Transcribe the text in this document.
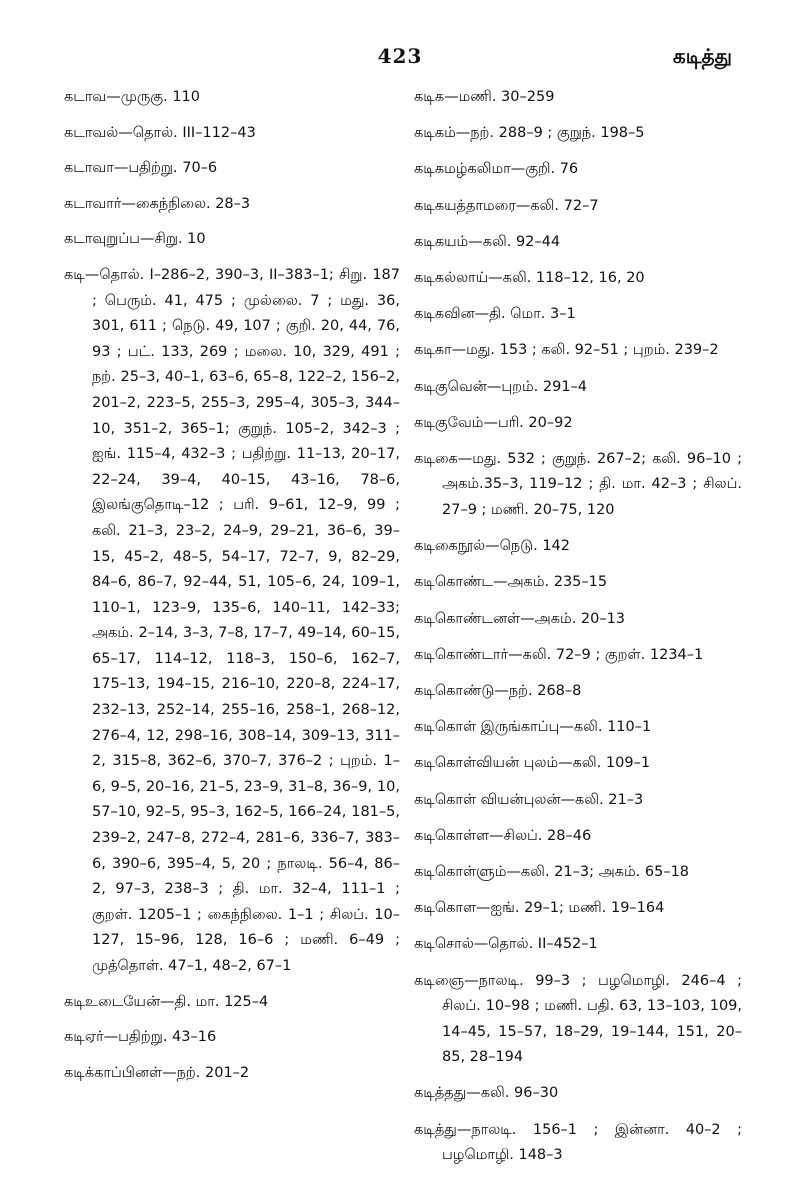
423	கடித்து

கடாவ—முருகு. 110

கடாவல்—தொல். III–112–43

கடாவா—பதிற்று. 70–6

கடாவார்—கைந்நிலை. 28–3

கடாவுறுப்ப—சிறு. 10

கடி—தொல். I–286–2, 390–3, II–383–1; சிறு. 187 ; பெரும். 41, 475 ; முல்லை. 7 ; மது. 36, 301, 611 ; நெடு. 49, 107 ; குறி. 20, 44, 76, 93 ; பட். 133, 269 ; மலை. 10, 329, 491 ; நற். 25–3, 40–1, 63–6, 65–8, 122–2, 156–2, 201–2, 223–5, 255–3, 295–4, 305–3, 344–10, 351–2, 365–1; குறுந். 105–2, 342–3 ; ஐங். 115–4, 432–3 ; பதிற்று. 11–13, 20–17, 22–24, 39–4, 40–15, 43–16, 78–6, இலங்குதொடி–12 ; பரி. 9–61, 12–9, 99 ; கலி. 21–3, 23–2, 24–9, 29–21, 36–6, 39–15, 45–2, 48–5, 54–17, 72–7, 9, 82–29, 84–6, 86–7, 92–44, 51, 105–6, 24, 109–1, 110–1, 123–9, 135–6, 140–11, 142–33; அகம். 2–14, 3–3, 7–8, 17–7, 49–14, 60–15, 65–17, 114–12, 118–3, 150–6, 162–7, 175–13, 194–15, 216–10, 220–8, 224–17, 232–13, 252–14, 255–16, 258–1, 268–12, 276–4, 12, 298–16, 308–14, 309–13, 311–2, 315–8, 362–6, 370–7, 376–2 ; புறம். 1–6, 9–5, 20–16, 21–5, 23–9, 31–8, 36–9, 10, 57–10, 92–5, 95–3, 162–5, 166–24, 181–5, 239–2, 247–8, 272–4, 281–6, 336–7, 383–6, 390–6, 395–4, 5, 20 ; நாலடி. 56–4, 86–2, 97–3, 238–3 ; தி. மா. 32–4, 111–1 ; குறள். 1205–1 ; கைந்நிலை. 1–1 ; சிலப். 10–127, 15–96, 128, 16–6 ; மணி. 6–49 ; முத்தொள். 47–1, 48–2, 67–1

கடிஉடையேன்—தி. மா. 125–4

கடிஏர்—பதிற்று. 43–16

கடிக்காப்பினள்—நற். 201–2

கடிக—மணி. 30–259

கடிகம்—நற். 288–9 ; குறுந். 198–5

கடிகமழ்கலிமா—குறி. 76

கடிகயத்தாமரை—கலி. 72–7

கடிகயம்—கலி. 92–44

கடிகல்லாய்—கலி. 118–12, 16, 20

கடிகவின—தி. மொ. 3–1

கடிகா—மது. 153 ; கலி. 92–51 ; புறம். 239–2

கடிகுவென்—புறம். 291–4

கடிகுவேம்—பரி. 20–92

கடிகை—மது. 532 ; குறுந். 267–2; கலி. 96–10 ; அகம்.35–3, 119–12 ; தி. மா. 42–3 ; சிலப். 27–9 ; மணி. 20–75, 120

கடிகைநூல்—நெடு. 142

கடிகொண்ட—அகம். 235–15

கடிகொண்டனள்—அகம். 20–13

கடிகொண்டார்—கலி. 72–9 ; குறள். 1234–1

கடிகொண்டு—நற். 268–8

கடிகொள் இருங்காப்பு—கலி. 110–1

கடிகொள்வியன் புலம்—கலி. 109–1

கடிகொள் வியன்புலன்—கலி. 21–3

கடிகொள்ள—சிலப். 28–46

கடிகொள்ளும்—கலி. 21–3; அகம். 65–18

கடிகொள—ஐங். 29–1; மணி. 19–164

கடிசொல்—தொல். II–452–1

கடிஞை—நாலடி. 99–3 ; பழமொழி. 246–4 ; சிலப். 10–98 ; மணி. பதி. 63, 13–103, 109, 14–45, 15–57, 18–29, 19–144, 151, 20–85, 28–194

கடித்தது—கலி. 96–30

கடித்து—நாலடி. 156–1 ; இன்னா. 40–2 ; பழமொழி. 148–3
